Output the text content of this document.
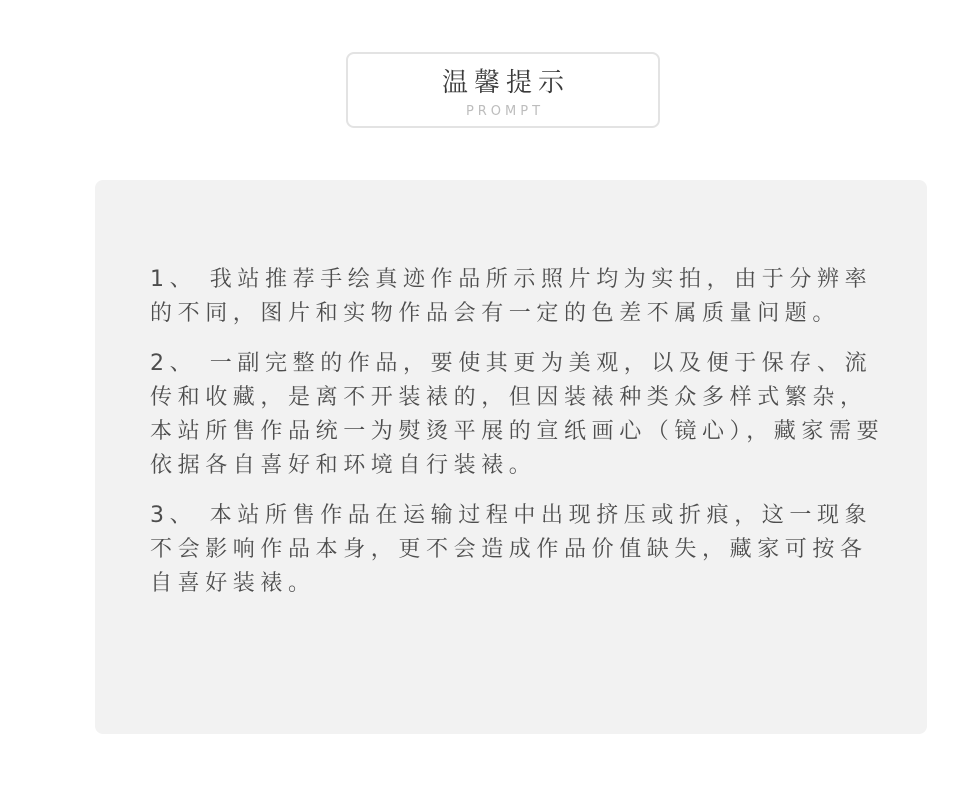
温馨提示
PROMPT

1、 我站推荐手绘真迹作品所示照片均为实拍，由于分辨率的不同，图片和实物作品会有一定的色差不属质量问题。

2、 一副完整的作品，要使其更为美观，以及便于保存、流传和收藏，是离不开装裱的，但因装裱种类众多样式繁杂，本站所售作品统一为熨烫平展的宣纸画心（镜心），藏家需要依据各自喜好和环境自行装裱。

3、 本站所售作品在运输过程中出现挤压或折痕，这一现象不会影响作品本身，更不会造成作品价值缺失，藏家可按各自喜好装裱。
